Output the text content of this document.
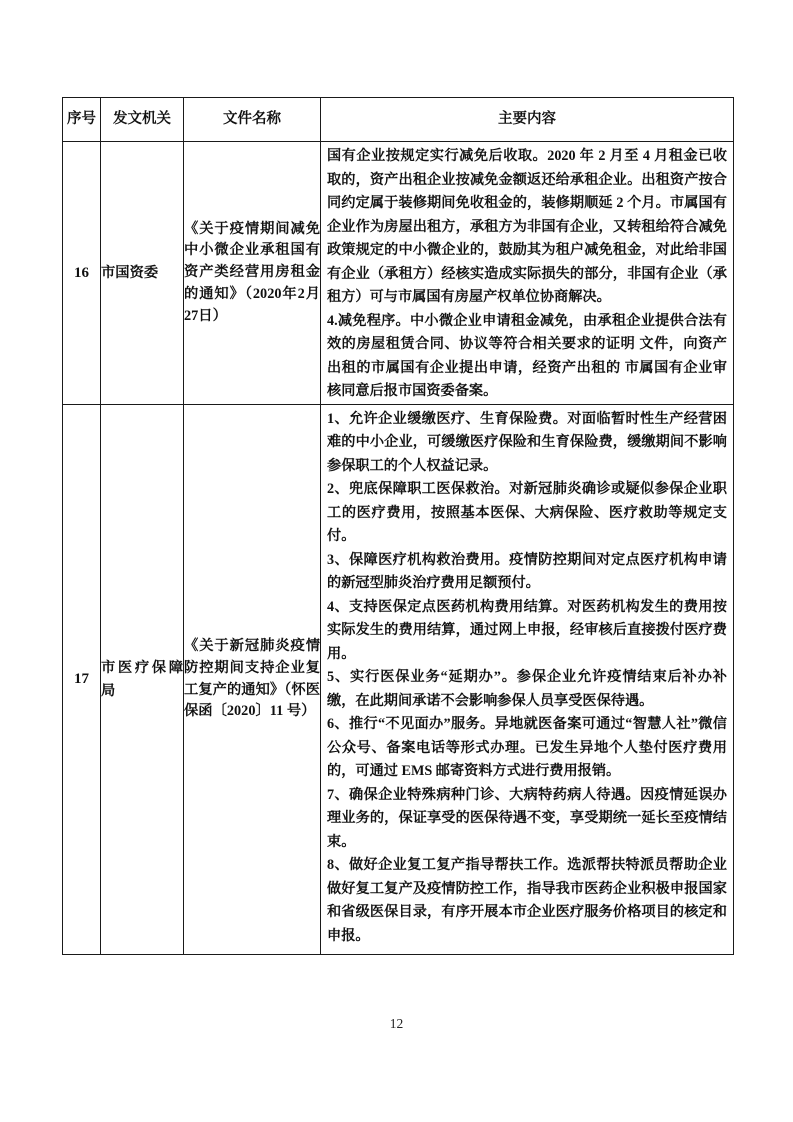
序号	发文机关	文件名称	主要内容
16	市国资委	《关于疫情期间减免中小微企业承租国有资产类经营用房租金的通知》（2020年2月27日）	国有企业按规定实行减免后收取。2020 年 2 月至 4 月租金已收取的，资产出租企业按减免金额返还给承租企业。出租资产按合同约定属于装修期间免收租金的，装修期顺延 2 个月。市属国有企业作为房屋出租方，承租方为非国有企业，又转租给符合减免政策规定的中小微企业的，鼓励其为租户减免租金，对此给非国有企业（承租方）经核实造成实际损失的部分，非国有企业（承租方）可与市属国有房屋产权单位协商解决。

4.减免程序。中小微企业申请租金减免，由承租企业提供合法有效的房屋租赁合同、协议等符合相关要求的证明 文件，向资产出租的市属国有企业提出申请，经资产出租的 市属国有企业审核同意后报市国资委备案。

17	市医疗保障局	《关于新冠肺炎疫情防控期间支持企业复工复产的通知》（怀医保函〔2020〕11 号）	

1、允许企业缓缴医疗、生育保险费。对面临暂时性生产经营困难的中小企业，可缓缴医疗保险和生育保险费，缓缴期间不影响参保职工的个人权益记录。

2、兜底保障职工医保救治。对新冠肺炎确诊或疑似参保企业职工的医疗费用，按照基本医保、大病保险、医疗救助等规定支付。

3、保障医疗机构救治费用。疫情防控期间对定点医疗机构申请的新冠型肺炎治疗费用足额预付。

4、支持医保定点医药机构费用结算。对医药机构发生的费用按实际发生的费用结算，通过网上申报，经审核后直接拨付医疗费用。

5、实行医保业务“延期办”。参保企业允许疫情结束后补办补缴，在此期间承诺不会影响参保人员享受医保待遇。

6、推行“不见面办”服务。异地就医备案可通过“智慧人社”微信公众号、备案电话等形式办理。已发生异地个人垫付医疗费用的，可通过 EMS 邮寄资料方式进行费用报销。

7、确保企业特殊病种门诊、大病特药病人待遇。因疫情延误办理业务的，保证享受的医保待遇不变，享受期统一延长至疫情结束。

8、做好企业复工复产指导帮扶工作。选派帮扶特派员帮助企业做好复工复产及疫情防控工作，指导我市医药企业积极申报国家和省级医保目录，有序开展本市企业医疗服务价格项目的核定和申报。

12
